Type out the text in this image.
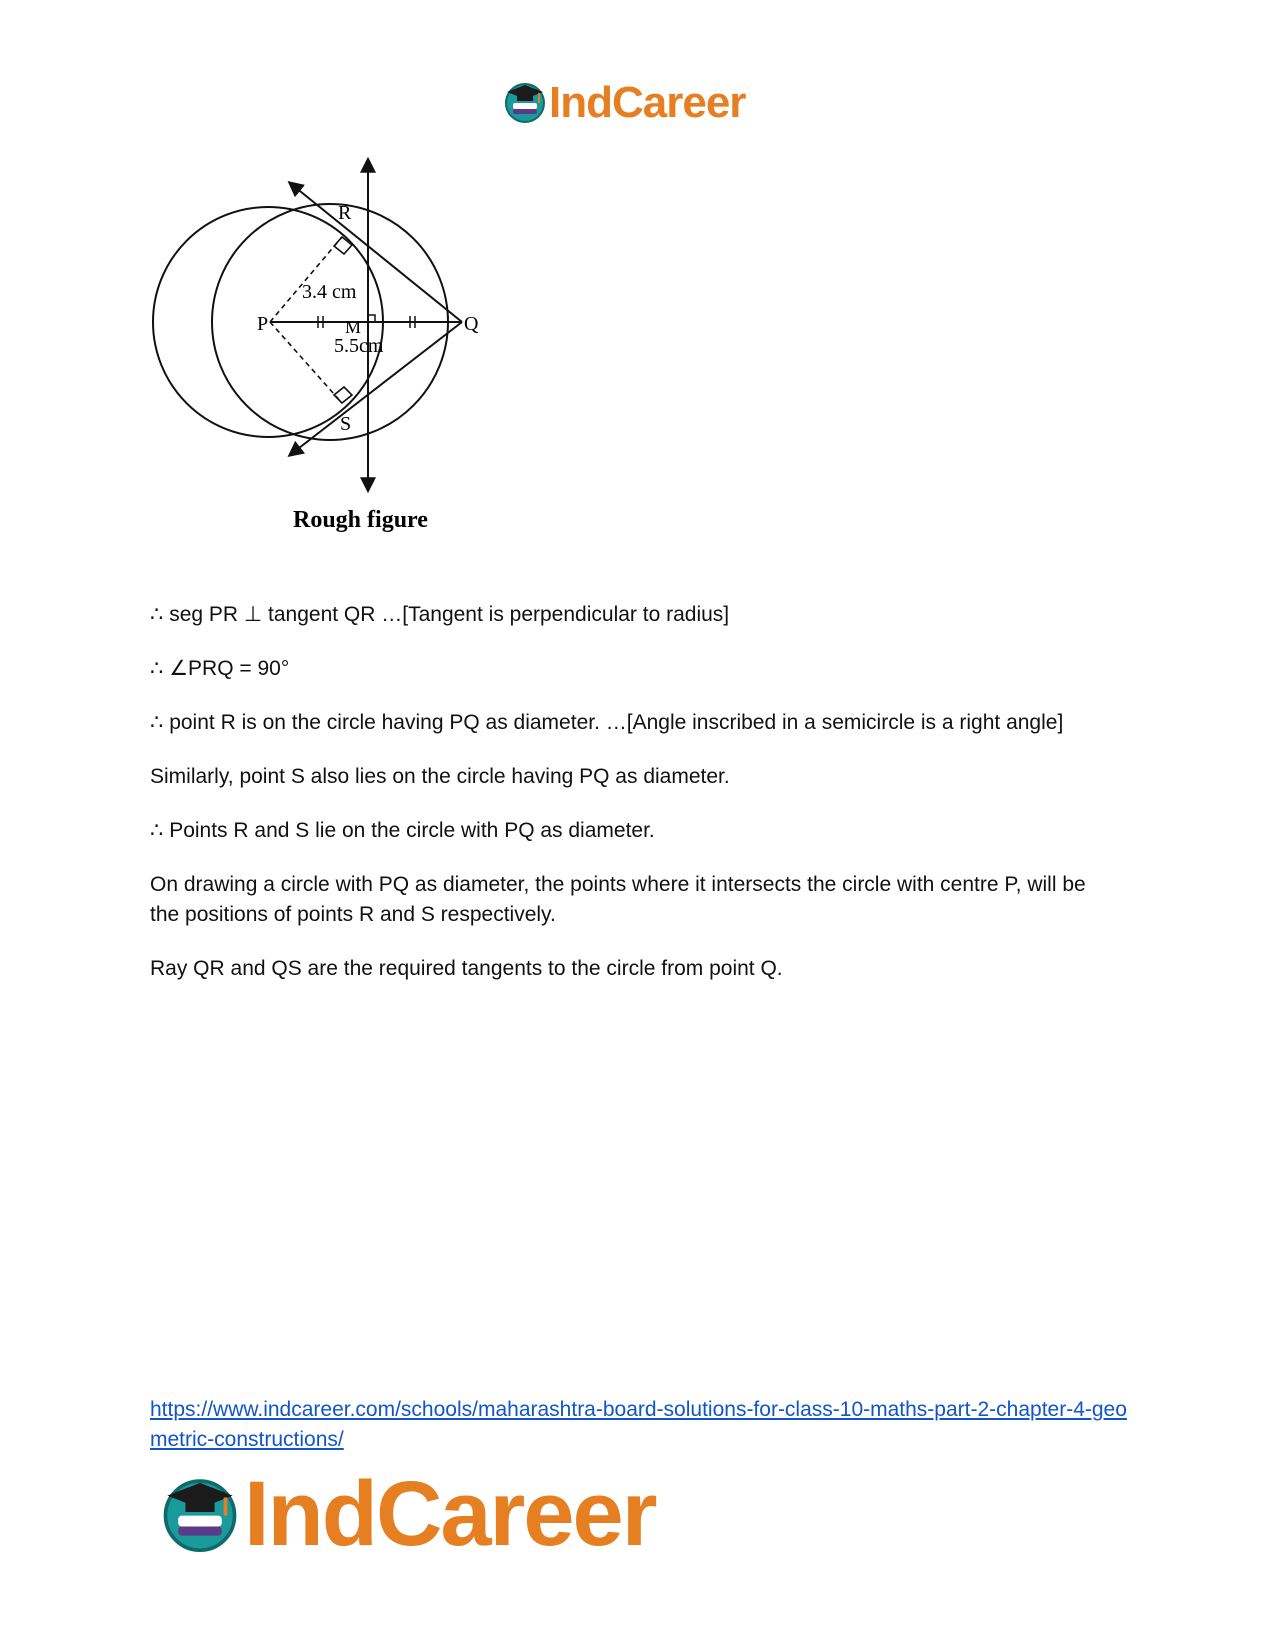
IndCareer
R
P	M	Q
S
3.4 cm
5.5cm
Rough figure

∴ seg PR ⊥ tangent QR …[Tangent is perpendicular to radius]

∴ ∠PRQ = 90°

∴ point R is on the circle having PQ as diameter. …[Angle inscribed in a semicircle is a right angle]

Similarly, point S also lies on the circle having PQ as diameter.

∴ Points R and S lie on the circle with PQ as diameter.

On drawing a circle with PQ as diameter, the points where it intersects the circle with centre P, will be the positions of points R and S respectively.

Ray QR and QS are the required tangents to the circle from point Q.

https://www.indcareer.com/schools/maharashtra-board-solutions-for-class-10-maths-part-2-chapter-4-geometric-constructions/
IndCareer
